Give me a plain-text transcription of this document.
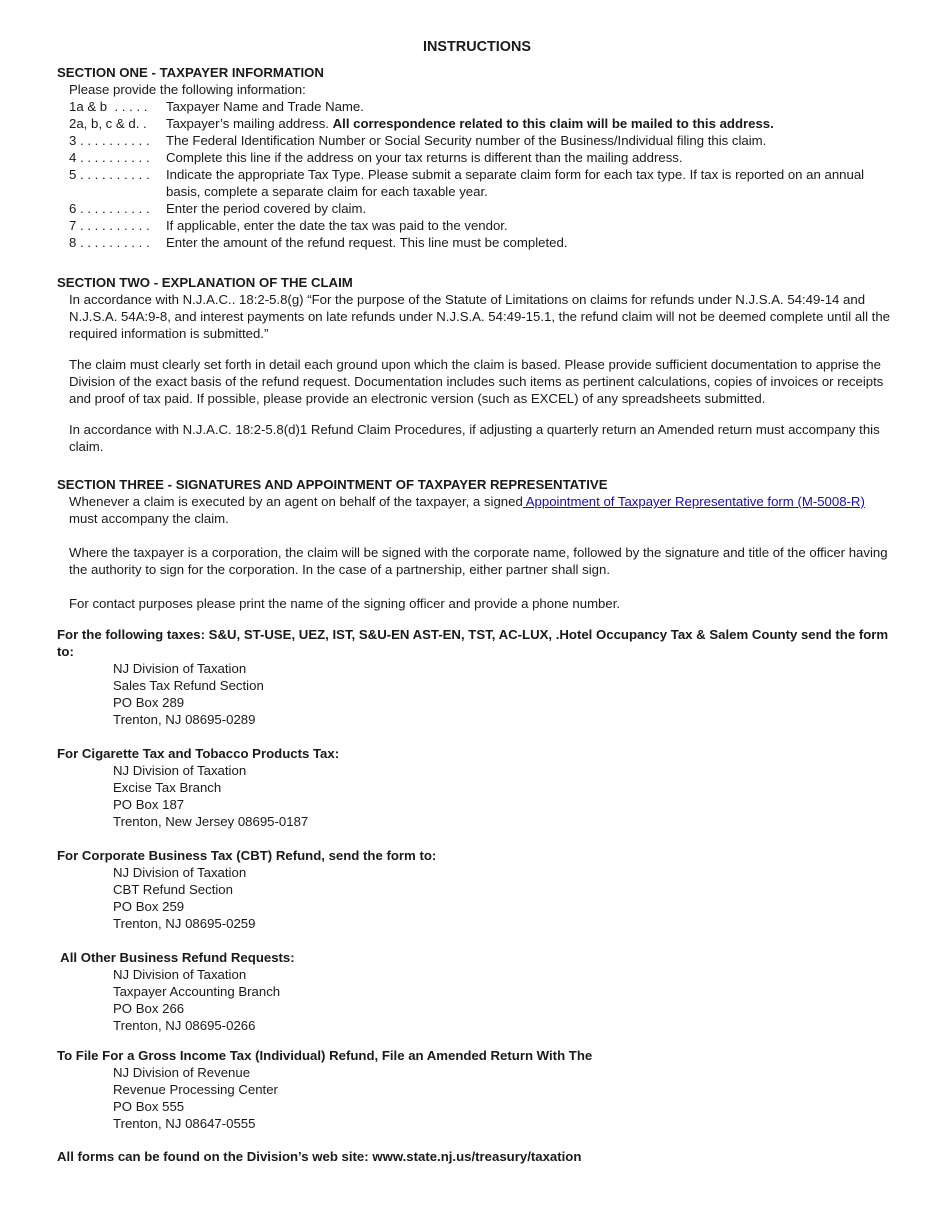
INSTRUCTIONS
SECTION ONE - TAXPAYER INFORMATION
Please provide the following information:
1a & b  . . . . .	Taxpayer Name and Trade Name.
2a, b, c & d. .	Taxpayer’s mailing address. All correspondence related to this claim will be mailed to this address.
3 . . . . . . . . . .	The Federal Identification Number or Social Security number of the Business/Individual filing this claim.
4 . . . . . . . . . .	Complete this line if the address on your tax returns is different than the mailing address.
5 . . . . . . . . . .	Indicate the appropriate Tax Type. Please submit a separate claim form for each tax type. If tax is reported on an annual basis, complete a separate claim for each taxable year.
6 . . . . . . . . . .	Enter the period covered by claim.
7 . . . . . . . . . .	If applicable, enter the date the tax was paid to the vendor.
8 . . . . . . . . . .	Enter the amount of the refund request. This line must be completed.
SECTION TWO - EXPLANATION OF THE CLAIM

In accordance with N.J.A.C.. 18:2-5.8(g) “For the purpose of the Statute of Limitations on claims for refunds under N.J.S.A. 54:49-14 and N.J.S.A. 54A:9-8, and interest payments on late refunds under N.J.S.A. 54:49-15.1, the refund claim will not be deemed complete until all the required information is submitted.”

The claim must clearly set forth in detail each ground upon which the claim is based. Please provide sufficient documentation to apprise the Division of the exact basis of the refund request. Documentation includes such items as pertinent calculations, copies of invoices or receipts and proof of tax paid. If possible, please provide an electronic version (such as EXCEL) of any spreadsheets submitted.

In accordance with N.J.A.C. 18:2-5.8(d)1 Refund Claim Procedures, if adjusting a quarterly return an Amended return must accompany this claim.

SECTION THREE - SIGNATURES AND APPOINTMENT OF TAXPAYER REPRESENTATIVE

Whenever a claim is executed by an agent on behalf of the taxpayer, a signed Appointment of Taxpayer Representative form (M-5008-R) must accompany the claim.

Where the taxpayer is a corporation, the claim will be signed with the corporate name, followed by the signature and title of the officer having the authority to sign for the corporation. In the case of a partnership, either partner shall sign.

For contact purposes please print the name of the signing officer and provide a phone number.

For the following taxes: S&U, ST-USE, UEZ, IST, S&U-EN AST-EN, TST, AC-LUX, .Hotel Occupancy Tax & Salem County send the form to:
NJ Division of Taxation
Sales Tax Refund Section
PO Box 289
Trenton, NJ 08695-0289
For Cigarette Tax and Tobacco Products Tax:
NJ Division of Taxation
Excise Tax Branch
PO Box 187
Trenton, New Jersey 08695-0187
For Corporate Business Tax (CBT) Refund, send the form to:
NJ Division of Taxation
CBT Refund Section
PO Box 259
Trenton, NJ 08695-0259
All Other Business Refund Requests:
NJ Division of Taxation
Taxpayer Accounting Branch
PO Box 266
Trenton, NJ 08695-0266
To File For a Gross Income Tax (Individual) Refund, File an Amended Return With The
NJ Division of Revenue
Revenue Processing Center
PO Box 555
Trenton, NJ 08647-0555
All forms can be found on the Division’s web site: www.state.nj.us/treasury/taxation
